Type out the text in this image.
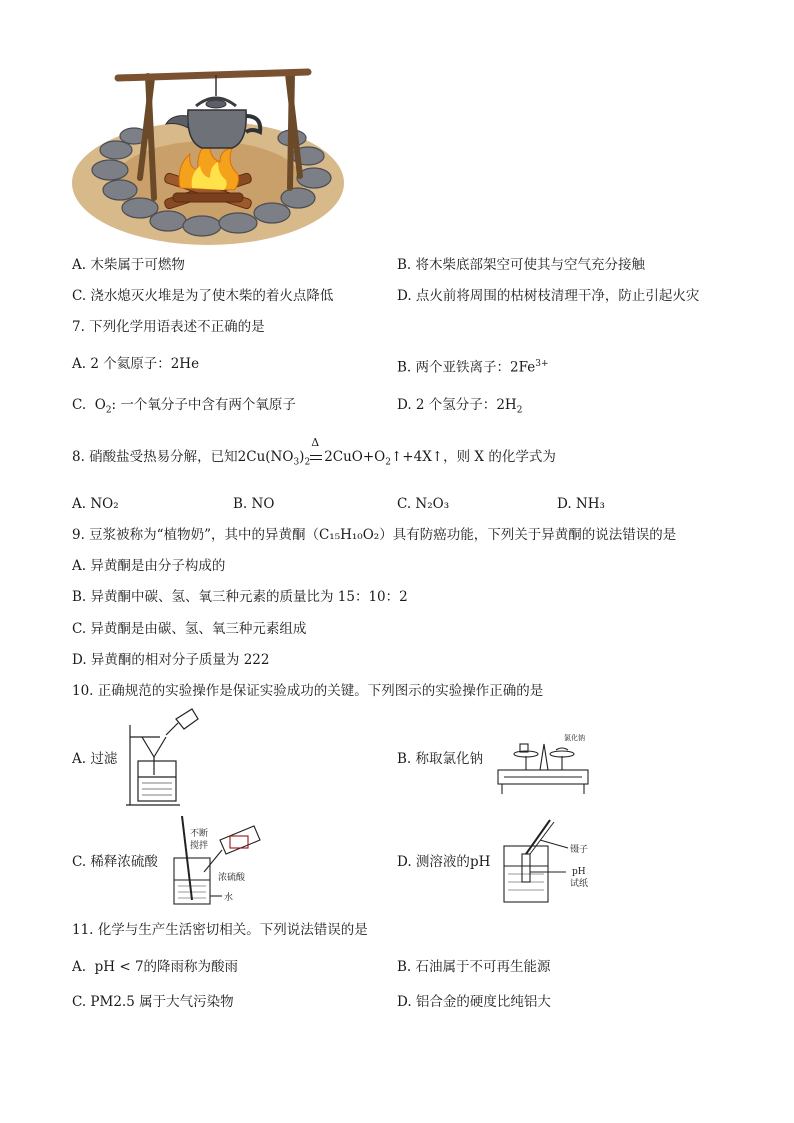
A. 木柴属于可燃物	B. 将木柴底部架空可使其与空气充分接触
C. 浇水熄灭火堆是为了使木柴的着火点降低	D. 点火前将周围的枯树枝清理干净，防止引起火灾
7. 下列化学用语表述不正确的是
A. 2 个氦原子：2He	B. 两个亚铁离子：$2Fe^{3+}$
C. $O_2$: 一个氧分子中含有两个氧原子	D. 2 个氢分子：$2H_2$
8. 硝酸盐受热易分解，已知$2Cu(NO_3)_2$
Δ
$2CuO+O_2↑+4X↑$，则 X 的化学式为
A. NO₂	B. NO	C. N₂O₃	D. NH₃
9. 豆浆被称为“植物奶”，其中的异黄酮（C₁₅H₁₀O₂）具有防癌功能，下列关于异黄酮的说法错误的是
A. 异黄酮是由分子构成的
B. 异黄酮中碳、氢、氧三种元素的质量比为 15：10：2
C. 异黄酮是由碳、氢、氧三种元素组成
D. 异黄酮的相对分子质量为 222
10. 正确规范的实验操作是保证实验成功的关键。下列图示的实验操作正确的是
A. 过滤	B. 称取氯化钠
氯化钠
C. 稀释浓硫酸
不断
搅拌
浓硫酸
水
D. 测溶液的pH
镊子
pH
试纸
11. 化学与生产生活密切相关。下列说法错误的是
A. pH < 7的降雨称为酸雨	B. 石油属于不可再生能源
C. PM2.5 属于大气污染物	D. 铝合金的硬度比纯铝大
